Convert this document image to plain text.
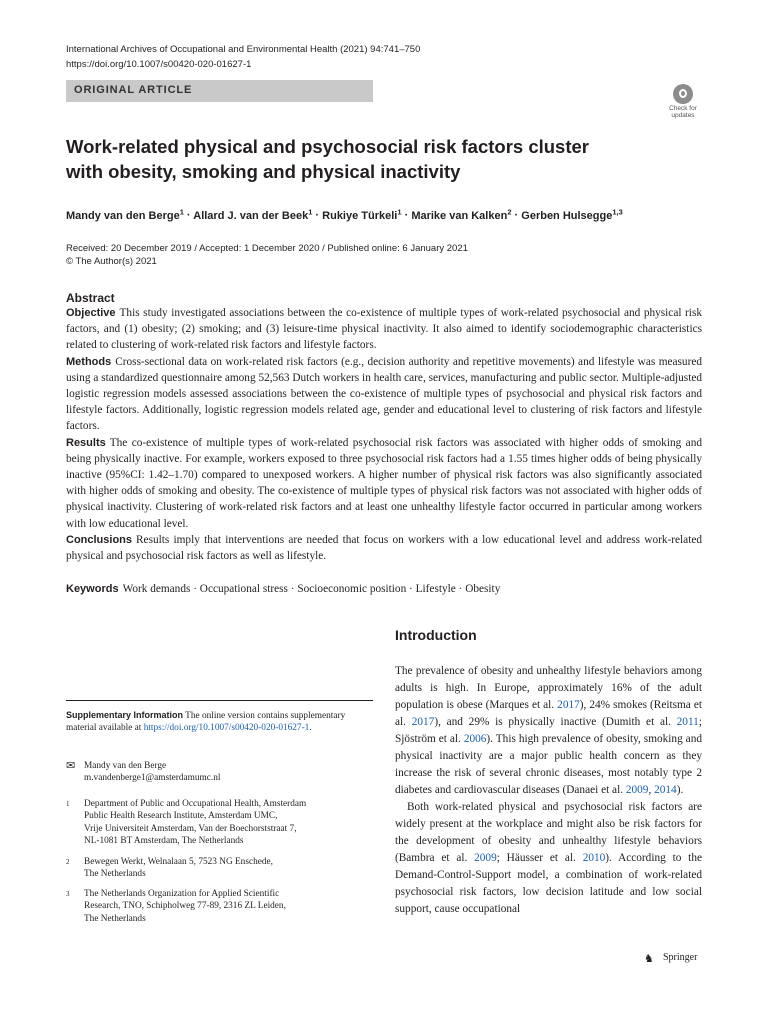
International Archives of Occupational and Environmental Health (2021) 94:741–750
https://doi.org/10.1007/s00420-020-01627-1
ORIGINAL ARTICLE
Check for
updates
Work-related physical and psychosocial risk factors cluster
with obesity, smoking and physical inactivity
Mandy van den Berge$^1$ · Allard J. van der Beek$^1$ · Rukiye Türkeli$^1$ · Marike van Kalken$^2$ · Gerben Hulsegge$^{1,3}$
Received: 20 December 2019 / Accepted: 1 December 2020 / Published online: 6 January 2021
© The Author(s) 2021
Abstract

Objective This study investigated associations between the co-existence of multiple types of work-related psychosocial and physical risk factors, and (1) obesity; (2) smoking; and (3) leisure-time physical inactivity. It also aimed to identify sociodemographic characteristics related to clustering of work-related risk factors and lifestyle factors.

Methods Cross-sectional data on work-related risk factors (e.g., decision authority and repetitive movements) and lifestyle was measured using a standardized questionnaire among 52,563 Dutch workers in health care, services, manufacturing and public sector. Multiple-adjusted logistic regression models assessed associations between the co-existence of multiple types of psychosocial and physical risk factors and lifestyle factors. Additionally, logistic regression models related age, gender and educational level to clustering of risk factors and lifestyle factors.

Results The co-existence of multiple types of work-related psychosocial risk factors was associated with higher odds of smoking and being physically inactive. For example, workers exposed to three psychosocial risk factors had a 1.55 times higher odds of being physically inactive (95%CI: 1.42–1.70) compared to unexposed workers. A higher number of physical risk factors was also significantly associated with higher odds of smoking and obesity. The co-existence of multiple types of physical risk factors was not associated with higher odds of physical inactivity. Clustering of work-related risk factors and at least one unhealthy lifestyle factor occurred in particular among workers with low educational level.

Conclusions Results imply that interventions are needed that focus on workers with a low educational level and address work-related physical and psychosocial risk factors as well as lifestyle.

Keywords Work demands · Occupational stress · Socioeconomic position · Lifestyle · Obesity
Introduction

The prevalence of obesity and unhealthy lifestyle behaviors among adults is high. In Europe, approximately 16% of the adult population is obese (Marques et al. 2017), 24% smokes (Reitsma et al. 2017), and 29% is physically inactive (Dumith et al. 2011; Sjöström et al. 2006). This high prevalence of obesity, smoking and physical inactivity are a major public health concern as they increase the risk of several chronic diseases, most notably type 2 diabetes and cardiovascular diseases (Danaei et al. 2009, 2014).

Both work-related physical and psychosocial risk factors are widely present at the workplace and might also be risk factors for the development of obesity and unhealthy lifestyle behaviors (Bambra et al. 2009; Häusser et al. 2010). According to the Demand-Control-Support model, a combination of work-related psychosocial risk factors, low decision latitude and low social support, cause occupational

Supplementary Information The online version contains supplementary material available at https://doi.org/10.1007/s00420-020-01627-1.
✉ Mandy van den Berge
m.vandenberge1@amsterdamumc.nl
1 Department of Public and Occupational Health, Amsterdam
Public Health Research Institute, Amsterdam UMC,
Vrije Universiteit Amsterdam, Van der Boechorststraat 7,
NL-1081 BT Amsterdam, The Netherlands
2 Bewegen Werkt, Welnalaan 5, 7523 NG Enschede,
The Netherlands
3 The Netherlands Organization for Applied Scientific
Research, TNO, Schipholweg 77-89, 2316 ZL Leiden,
The Netherlands
♞ Springer
